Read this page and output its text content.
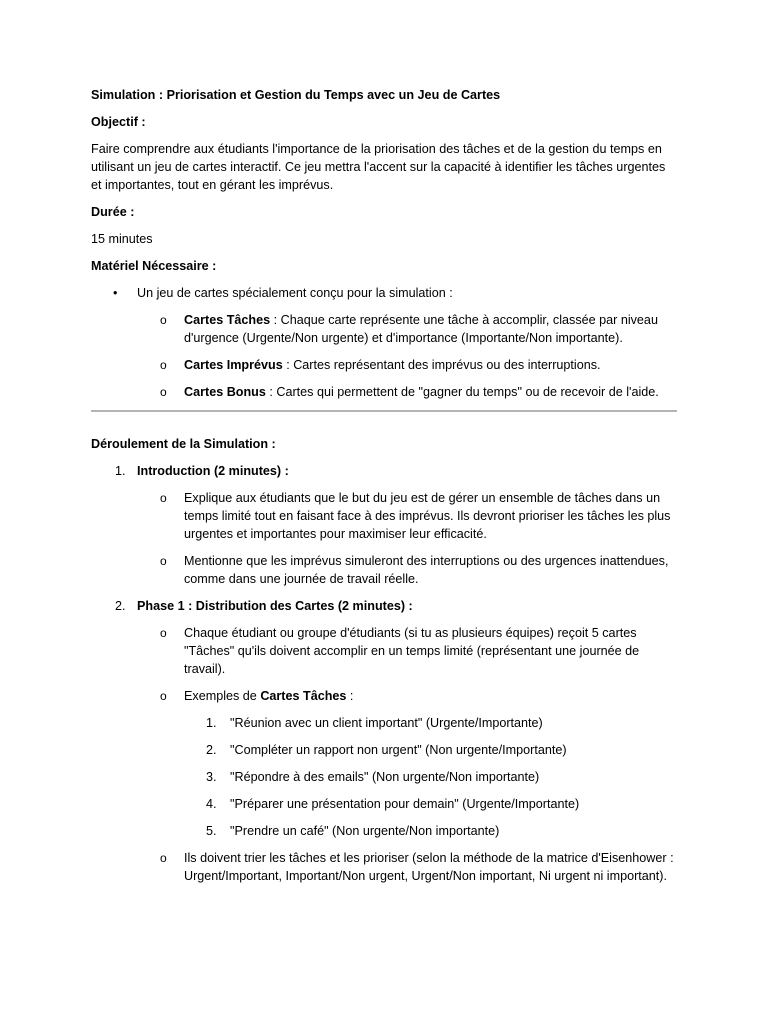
Simulation : Priorisation et Gestion du Temps avec un Jeu de Cartes

Objectif :

Faire comprendre aux étudiants l'importance de la priorisation des tâches et de la gestion du temps en utilisant un jeu de cartes interactif. Ce jeu mettra l'accent sur la capacité à identifier les tâches urgentes et importantes, tout en gérant les imprévus.

Durée :

15 minutes

Matériel Nécessaire :

• Un jeu de cartes spécialement conçu pour la simulation :
o Cartes Tâches : Chaque carte représente une tâche à accomplir, classée par niveau d'urgence (Urgente/Non urgente) et d'importance (Importante/Non importante).
o Cartes Imprévus : Cartes représentant des imprévus ou des interruptions.
o Cartes Bonus : Cartes qui permettent de "gagner du temps" ou de recevoir de l'aide.

Déroulement de la Simulation :

1. Introduction (2 minutes) :
o Explique aux étudiants que le but du jeu est de gérer un ensemble de tâches dans un temps limité tout en faisant face à des imprévus. Ils devront prioriser les tâches les plus urgentes et importantes pour maximiser leur efficacité.
o Mentionne que les imprévus simuleront des interruptions ou des urgences inattendues, comme dans une journée de travail réelle.
2. Phase 1 : Distribution des Cartes (2 minutes) :
o Chaque étudiant ou groupe d'étudiants (si tu as plusieurs équipes) reçoit 5 cartes "Tâches" qu'ils doivent accomplir en un temps limité (représentant une journée de travail).
o Exemples de Cartes Tâches :
1. "Réunion avec un client important" (Urgente/Importante)
2. "Compléter un rapport non urgent" (Non urgente/Importante)
3. "Répondre à des emails" (Non urgente/Non importante)
4. "Préparer une présentation pour demain" (Urgente/Importante)
5. "Prendre un café" (Non urgente/Non importante)
o Ils doivent trier les tâches et les prioriser (selon la méthode de la matrice d'Eisenhower : Urgent/Important, Important/Non urgent, Urgent/Non important, Ni urgent ni important).
